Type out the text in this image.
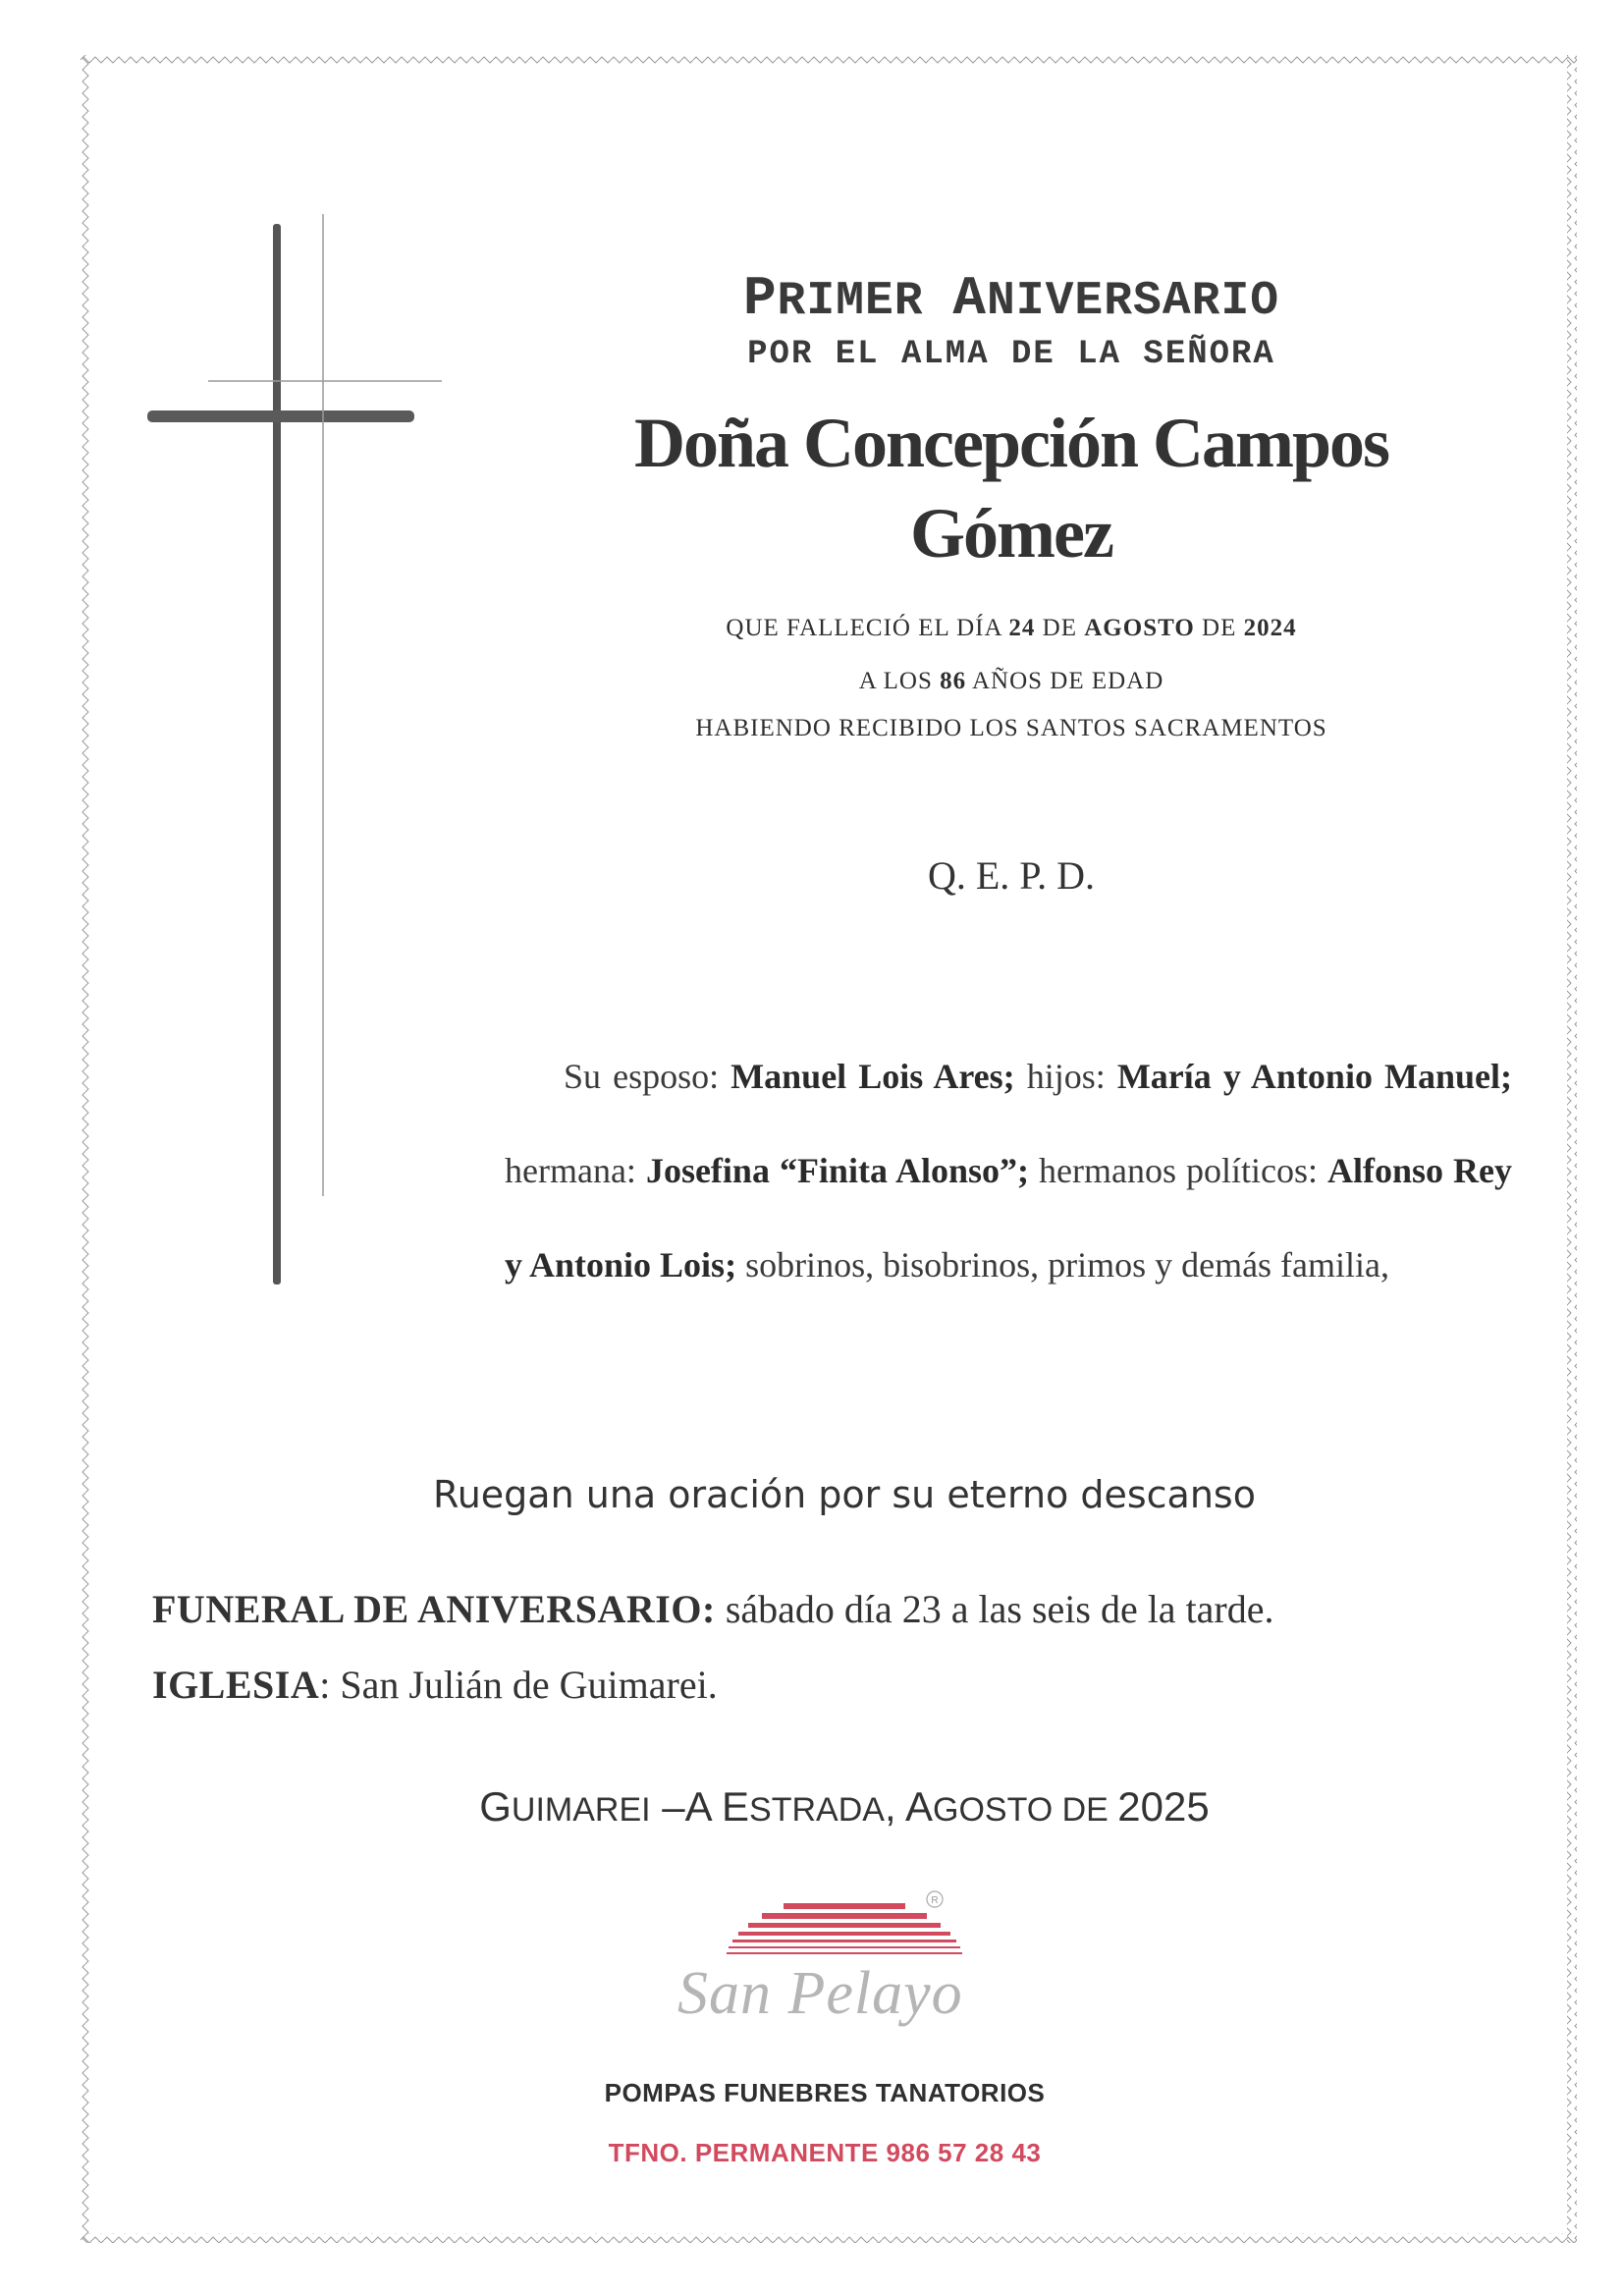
PRIMER ANIVERSARIO
POR EL ALMA DE LA SEÑORA
Doña Concepción Campos
Gómez
QUE FALLECIÓ EL DÍA 24 DE AGOSTO DE 2024
A LOS 86 AÑOS DE EDAD
HABIENDO RECIBIDO LOS SANTOS SACRAMENTOS
Q. E. P. D.
Su esposo: Manuel Lois Ares; hijos: María y Antonio Manuel; hermana: Josefina “Finita Alonso”; hermanos políticos: Alfonso Rey y Antonio Lois; sobrinos, bisobrinos, primos y demás familia,
Ruegan una oración por su eterno descanso
FUNERAL DE ANIVERSARIO: sábado día 23 a las seis de la tarde.
IGLESIA: San Julián de Guimarei.
GUIMAREI –A ESTRADA, AGOSTO DE 2025
R
San Pelayo
POMPAS FUNEBRES TANATORIOS
TFNO. PERMANENTE 986 57 28 43
